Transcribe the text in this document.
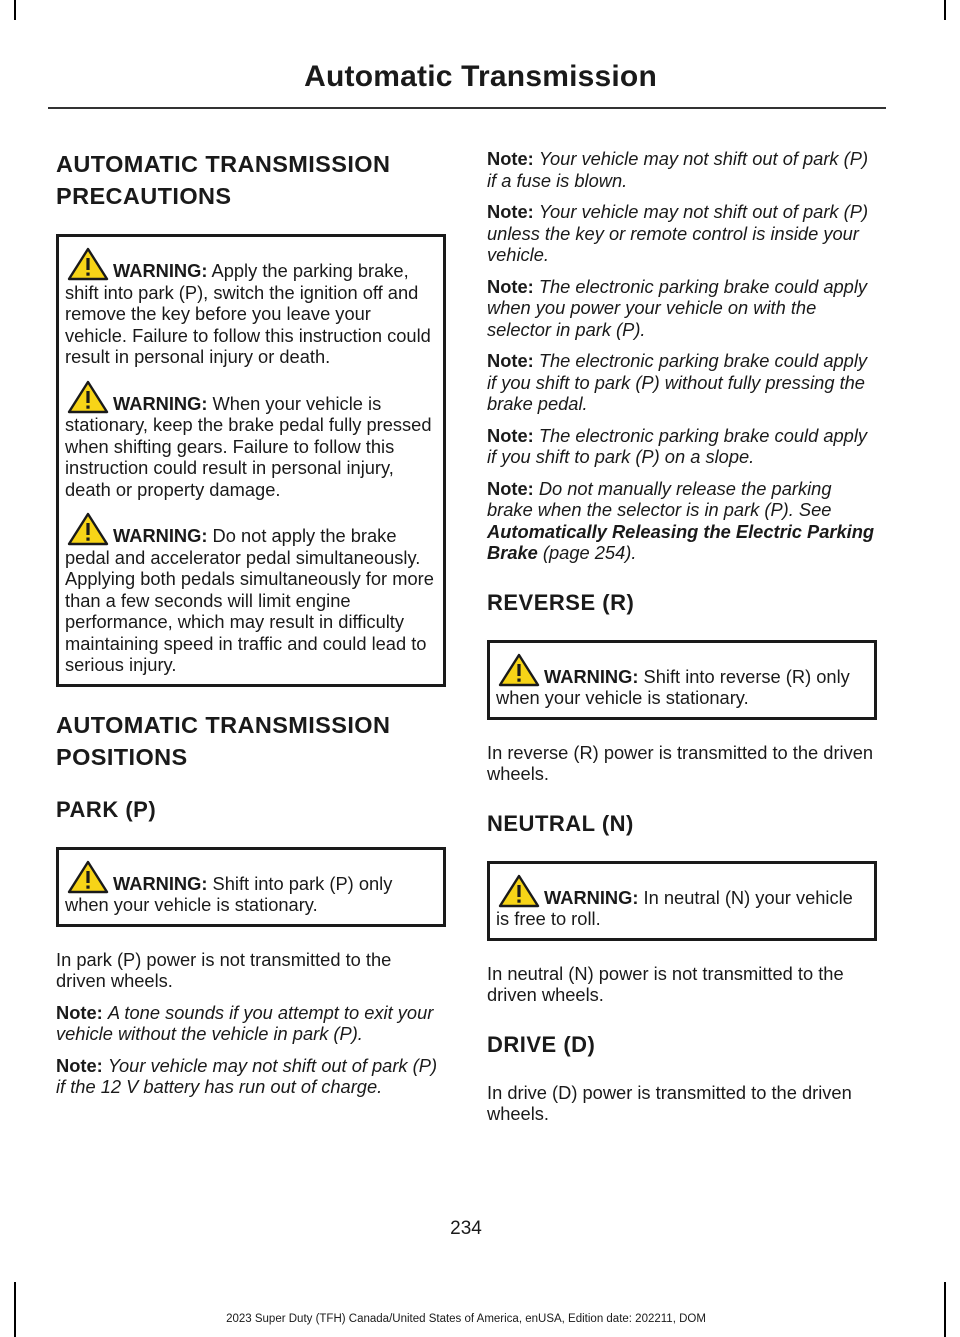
Automatic Transmission
AUTOMATIC TRANSMISSION
PRECAUTIONS

WARNING: Apply the parking brake, shift into park (P), switch the ignition off and remove the key before you leave your vehicle. Failure to follow this instruction could result in personal injury or death.

WARNING: When your vehicle is stationary, keep the brake pedal fully pressed when shifting gears. Failure to follow this instruction could result in personal injury, death or property damage.

WARNING: Do not apply the brake pedal and accelerator pedal simultaneously. Applying both pedals simultaneously for more than a few seconds will limit engine performance, which may result in difficulty maintaining speed in traffic and could lead to serious injury.

AUTOMATIC TRANSMISSION
POSITIONS
PARK (P)

WARNING: Shift into park (P) only when your vehicle is stationary.

In park (P) power is not transmitted to the driven wheels.

Note: A tone sounds if you attempt to exit your vehicle without the vehicle in park (P).

Note: Your vehicle may not shift out of park (P) if the 12 V battery has run out of charge.

Note: Your vehicle may not shift out of park (P) if a fuse is blown.

Note: Your vehicle may not shift out of park (P) unless the key or remote control is inside your vehicle.

Note: The electronic parking brake could apply when you power your vehicle on with the selector in park (P).

Note: The electronic parking brake could apply if you shift to park (P) without fully pressing the brake pedal.

Note: The electronic parking brake could apply if you shift to park (P) on a slope.

Note: Do not manually release the parking brake when the selector is in park (P). See Automatically Releasing the Electric Parking Brake (page 254).

REVERSE (R)

WARNING: Shift into reverse (R) only when your vehicle is stationary.

In reverse (R) power is transmitted to the driven wheels.

NEUTRAL (N)

WARNING: In neutral (N) your vehicle is free to roll.

In neutral (N) power is not transmitted to the driven wheels.

DRIVE (D)

In drive (D) power is transmitted to the driven wheels.

234
2023 Super Duty (TFH) Canada/United States of America, enUSA, Edition date: 202211, DOM
